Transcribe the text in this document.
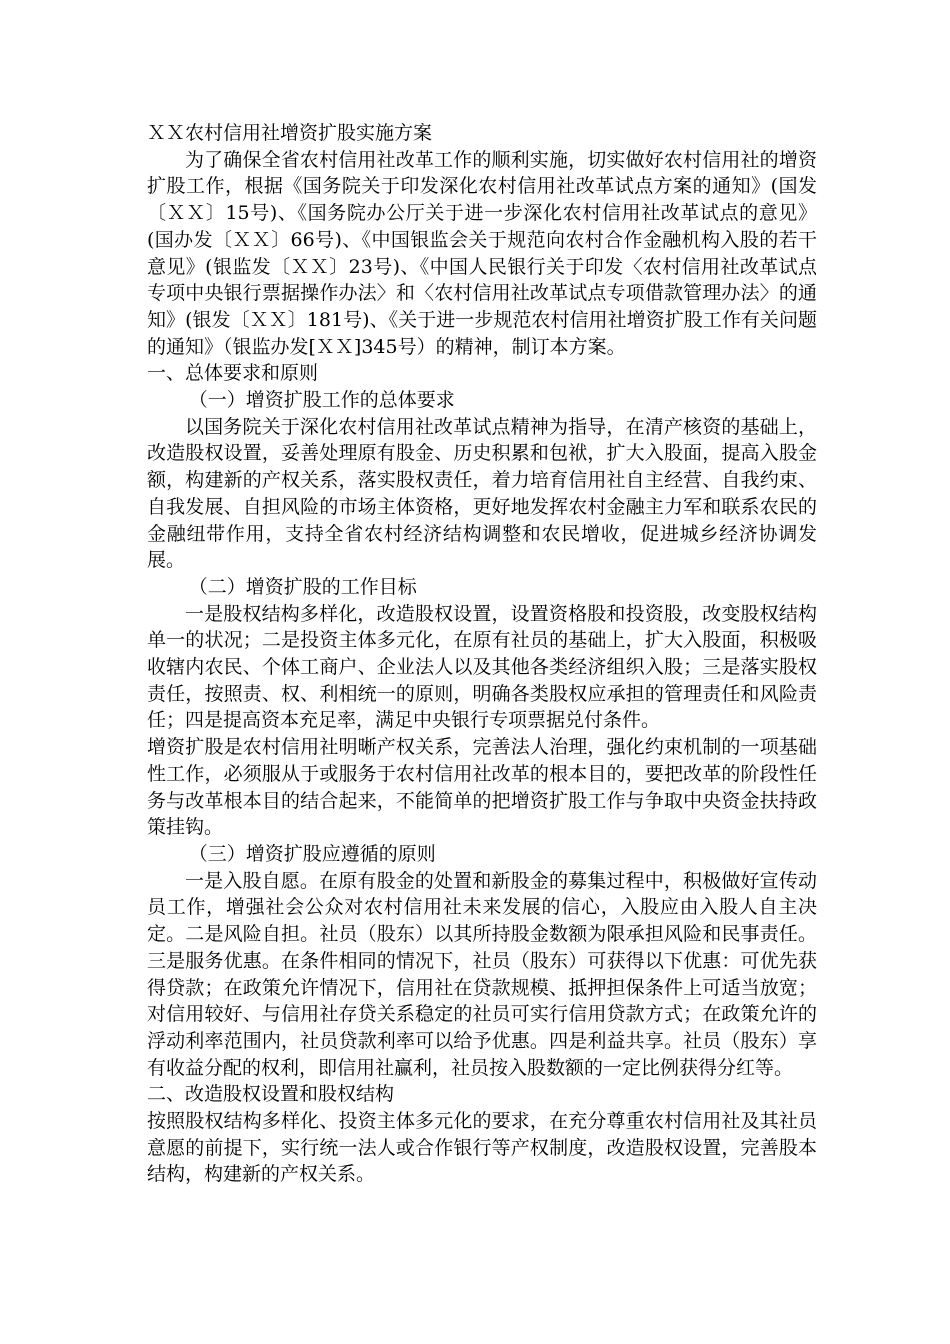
ＸＸ农村信用社增资扩股实施方案

为了确保全省农村信用社改革工作的顺利实施，切实做好农村信用社的增资扩股工作，根据《国务院关于印发深化农村信用社改革试点方案的通知》(国发〔ＸＸ〕15号)、《国务院办公厅关于进一步深化农村信用社改革试点的意见》(国办发〔ＸＸ〕66号)、《中国银监会关于规范向农村合作金融机构入股的若干意见》(银监发〔ＸＸ〕23号)、《中国人民银行关于印发〈农村信用社改革试点专项中央银行票据操作办法〉和〈农村信用社改革试点专项借款管理办法〉的通知》(银发〔ＸＸ〕181号)、《关于进一步规范农村信用社增资扩股工作有关问题的通知》（银监办发[ＸＸ]345号）的精神，制订本方案。

一、总体要求和原则

（一）增资扩股工作的总体要求

以国务院关于深化农村信用社改革试点精神为指导，在清产核资的基础上，改造股权设置，妥善处理原有股金、历史积累和包袱，扩大入股面，提高入股金额，构建新的产权关系，落实股权责任，着力培育信用社自主经营、自我约束、自我发展、自担风险的市场主体资格，更好地发挥农村金融主力军和联系农民的金融纽带作用，支持全省农村经济结构调整和农民增收，促进城乡经济协调发展。

（二）增资扩股的工作目标

一是股权结构多样化，改造股权设置，设置资格股和投资股，改变股权结构单一的状况；二是投资主体多元化，在原有社员的基础上，扩大入股面，积极吸收辖内农民、个体工商户、企业法人以及其他各类经济组织入股；三是落实股权责任，按照责、权、利相统一的原则，明确各类股权应承担的管理责任和风险责任；四是提高资本充足率，满足中央银行专项票据兑付条件。

增资扩股是农村信用社明晰产权关系，完善法人治理，强化约束机制的一项基础性工作，必须服从于或服务于农村信用社改革的根本目的，要把改革的阶段性任务与改革根本目的结合起来，不能简单的把增资扩股工作与争取中央资金扶持政策挂钩。

（三）增资扩股应遵循的原则

一是入股自愿。在原有股金的处置和新股金的募集过程中，积极做好宣传动员工作，增强社会公众对农村信用社未来发展的信心，入股应由入股人自主决定。二是风险自担。社员（股东）以其所持股金数额为限承担风险和民事责任。三是服务优惠。在条件相同的情况下，社员（股东）可获得以下优惠：可优先获得贷款；在政策允许情况下，信用社在贷款规模、抵押担保条件上可适当放宽；对信用较好、与信用社存贷关系稳定的社员可实行信用贷款方式；在政策允许的浮动利率范围内，社员贷款利率可以给予优惠。四是利益共享。社员（股东）享有收益分配的权利，即信用社赢利，社员按入股数额的一定比例获得分红等。

二、改造股权设置和股权结构

按照股权结构多样化、投资主体多元化的要求，在充分尊重农村信用社及其社员意愿的前提下，实行统一法人或合作银行等产权制度，改造股权设置，完善股本结构，构建新的产权关系。
